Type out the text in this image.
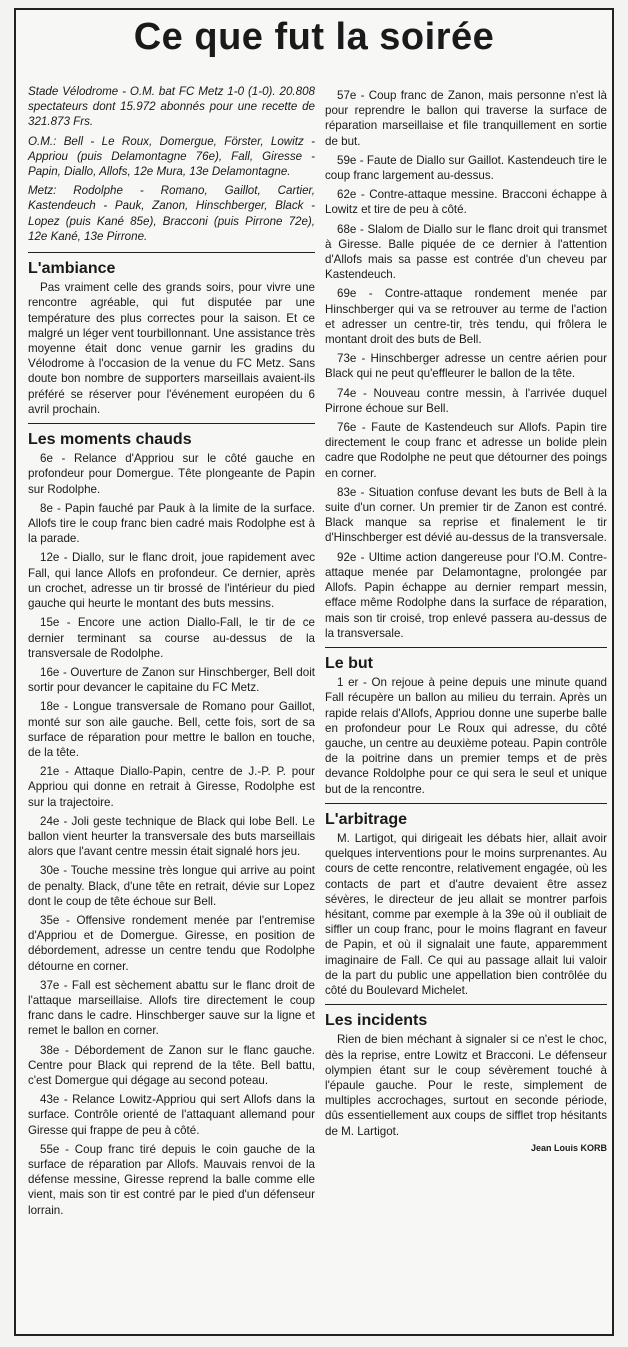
Ce que fut la soirée

Stade Vélodrome - O.M. bat FC Metz 1-0 (1-0). 20.808 spectateurs dont 15.972 abonnés pour une recette de 321.873 Frs.

O.M.: Bell - Le Roux, Domergue, Förster, Lowitz - Appriou (puis Delamontagne 76e), Fall, Giresse - Papin, Diallo, Allofs, 12e Mura, 13e Delamontagne.

Metz: Rodolphe - Romano, Gaillot, Cartier, Kastendeuch - Pauk, Zanon, Hinschberger, Black - Lopez (puis Kané 85e), Bracconi (puis Pirrone 72e), 12e Kané, 13e Pirrone.

L'ambiance

Pas vraiment celle des grands soirs, pour vivre une rencontre agréable, qui fut disputée par une température des plus correctes pour la saison. Et ce malgré un léger vent tourbillonnant. Une assistance très moyenne était donc venue garnir les gradins du Vélodrome à l'occasion de la venue du FC Metz. Sans doute bon nombre de supporters marseillais avaient-ils préféré se réserver pour l'événement européen du 6 avril prochain.

Les moments chauds

6e - Relance d'Appriou sur le côté gauche en profondeur pour Domergue. Tête plongeante de Papin sur Rodolphe.

8e - Papin fauché par Pauk à la limite de la surface. Allofs tire le coup franc bien cadré mais Rodolphe est à la parade.

12e - Diallo, sur le flanc droit, joue rapidement avec Fall, qui lance Allofs en profondeur. Ce dernier, après un crochet, adresse un tir brossé de l'intérieur du pied gauche qui heurte le montant des buts messins.

15e - Encore une action Diallo-Fall, le tir de ce dernier terminant sa course au-dessus de la transversale de Rodolphe.

16e - Ouverture de Zanon sur Hinschberger, Bell doit sortir pour devancer le capitaine du FC Metz.

18e - Longue transversale de Romano pour Gaillot, monté sur son aile gauche. Bell, cette fois, sort de sa surface de réparation pour mettre le ballon en touche, de la tête.

21e - Attaque Diallo-Papin, centre de J.-P. P. pour Appriou qui donne en retrait à Giresse, Rodolphe est sur la trajectoire.

24e - Joli geste technique de Black qui lobe Bell. Le ballon vient heurter la transversale des buts marseillais alors que l'avant centre messin était signalé hors jeu.

30e - Touche messine très longue qui arrive au point de penalty. Black, d'une tête en retrait, dévie sur Lopez dont le coup de tête échoue sur Bell.

35e - Offensive rondement menée par l'entremise d'Appriou et de Domergue. Giresse, en position de débordement, adresse un centre tendu que Rodolphe détourne en corner.

37e - Fall est sèchement abattu sur le flanc droit de l'attaque marseillaise. Allofs tire directement le coup franc dans le cadre. Hinschberger sauve sur la ligne et remet le ballon en corner.

38e - Débordement de Zanon sur le flanc gauche. Centre pour Black qui reprend de la tête. Bell battu, c'est Domergue qui dégage au second poteau.

43e - Relance Lowitz-Appriou qui sert Allofs dans la surface. Contrôle orienté de l'attaquant allemand pour Giresse qui frappe de peu à côté.

55e - Coup franc tiré depuis le coin gauche de la surface de réparation par Allofs. Mauvais renvoi de la défense messine, Giresse reprend la balle comme elle vient, mais son tir est contré par le pied d'un défenseur lorrain.

57e - Coup franc de Zanon, mais personne n'est là pour reprendre le ballon qui traverse la surface de réparation marseillaise et file tranquillement en sortie de but.

59e - Faute de Diallo sur Gaillot. Kastendeuch tire le coup franc largement au-dessus.

62e - Contre-attaque messine. Bracconi échappe à Lowitz et tire de peu à côté.

68e - Slalom de Diallo sur le flanc droit qui transmet à Giresse. Balle piquée de ce dernier à l'attention d'Allofs mais sa passe est contrée d'un cheveu par Kastendeuch.

69e - Contre-attaque rondement menée par Hinschberger qui va se retrouver au terme de l'action et adresser un centre-tir, très tendu, qui frôlera le montant droit des buts de Bell.

73e - Hinschberger adresse un centre aérien pour Black qui ne peut qu'effleurer le ballon de la tête.

74e - Nouveau contre messin, à l'arrivée duquel Pirrone échoue sur Bell.

76e - Faute de Kastendeuch sur Allofs. Papin tire directement le coup franc et adresse un bolide plein cadre que Rodolphe ne peut que détourner des poings en corner.

83e - Situation confuse devant les buts de Bell à la suite d'un corner. Un premier tir de Zanon est contré. Black manque sa reprise et finalement le tir d'Hinschberger est dévié au-dessus de la transversale.

92e - Ultime action dangereuse pour l'O.M. Contre-attaque menée par Delamontagne, prolongée par Allofs. Papin échappe au dernier rempart messin, efface même Rodolphe dans la surface de réparation, mais son tir croisé, trop enlevé passera au-dessus de la transversale.

Le but

1 er - On rejoue à peine depuis une minute quand Fall récupère un ballon au milieu du terrain. Après un rapide relais d'Allofs, Appriou donne une superbe balle en profondeur pour Le Roux qui adresse, du côté gauche, un centre au deuxième poteau. Papin contrôle de la poitrine dans un premier temps et de près devance Roldolphe pour ce qui sera le seul et unique but de la rencontre.

L'arbitrage

M. Lartigot, qui dirigeait les débats hier, allait avoir quelques interventions pour le moins surprenantes. Au cours de cette rencontre, relativement engagée, où les contacts de part et d'autre devaient être assez sévères, le directeur de jeu allait se montrer parfois hésitant, comme par exemple à la 39e où il oubliait de siffler un coup franc, pour le moins flagrant en faveur de Papin, et où il signalait une faute, apparemment imaginaire de Fall. Ce qui au passage allait lui valoir de la part du public une appellation bien contrôlée du côté du Boulevard Michelet.

Les incidents

Rien de bien méchant à signaler si ce n'est le choc, dès la reprise, entre Lowitz et Bracconi. Le défenseur olympien étant sur le coup sévèrement touché à l'épaule gauche. Pour le reste, simplement de multiples accrochages, surtout en seconde période, dûs essentiellement aux coups de sifflet trop hésitants de M. Lartigot.

Jean Louis KORB
